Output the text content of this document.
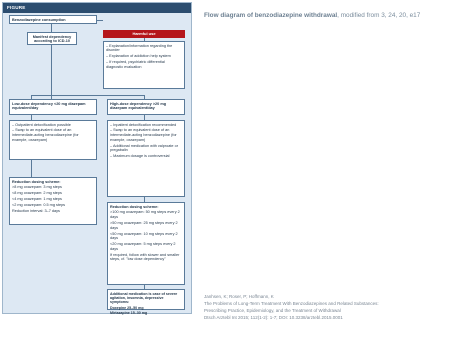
FIGURE
Benzodiazepine consumption
Harmful use
Manifest dependency according to ICD-10
– Explanation/information regarding the disorder
– Explanation of addiction help system
– If required, psychiatric differential diagnostic evaluation
Low-dose dependency <20 mg diazepam equivalent/day
High-dose dependency >20 mg diazepam equivalent/day
– Outpatient detoxification possible
– Swap to an equivalent dose of an intermediate-acting benzodiazepine (for example, oxazepam)
– Inpatient detoxification recommended
– Swap to an equivalent dose of an intermediate-acting benzodiazepine (for example, oxazepam)
– Additional medication with valproate or pregabalin
– Maximum dosage is controversial
Reduction dosing scheme:
>8 mg oxazepam: 3 mg steps
<8 mg oxazepam: 2 mg steps
<4 mg oxazepam: 1 mg steps
<2 mg oxazepam: 0.5 mg steps
Reduction interval: 3–7 days
Reduction dosing scheme:
>100 mg oxazepam: 50 mg steps every 2 days
>50 mg oxazepam: 25 mg steps every 2 days
<50 mg oxazepam: 10 mg steps every 2 days
<20 mg oxazepam: 5 mg steps every 2 days
If required, follow with slower and smaller steps, cf. "low dose dependency"
Additional medication is case of severe agitation, insomnia, depressive symptoms:
Doxepine 25–50 mg
Mirtazapine 15–30 mg
Flow diagram of benzodiazepine withdrawal, modified from 3, 24, 20, e17
Janhsen, K; Roser, P; Hoffmann, K
The Problems of Long-Term Treatment With Benzodiazepines and Related Substances:
Prescribing Practice, Epidemiology, and the Treatment of Withdrawal
Dtsch Arztebl Int 2015; 112(1-2): 1-7; DOI: 10.3238/arztebl.2015.0001
